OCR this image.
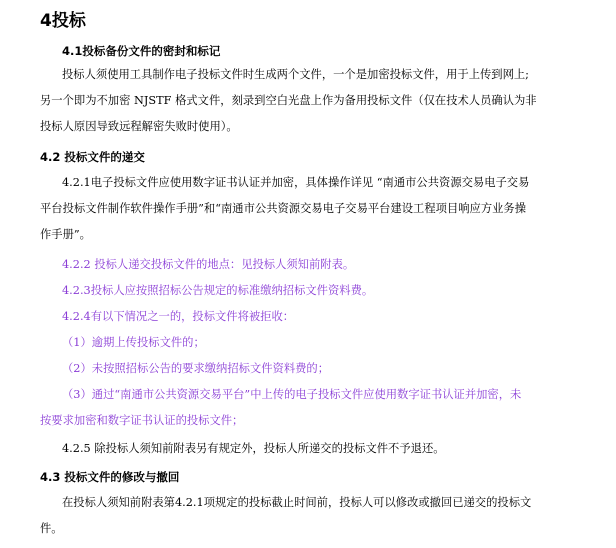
4投标
4.1投标备份文件的密封和标记
投标人须使用工具制作电子投标文件时生成两个文件，一个是加密投标文件，用于上传到网上;
另一个即为不加密 NJSTF 格式文件，刻录到空白光盘上作为备用投标文件（仅在技术人员确认为非
投标人原因导致远程解密失败时使用）。
4.2 投标文件的递交
4.2.1电子投标文件应使用数字证书认证并加密，具体操作详见 “南通市公共资源交易电子交易
平台投标文件制作软件操作手册”和“南通市公共资源交易电子交易平台建设工程项目响应方业务操
作手册”。
4.2.2 投标人递交投标文件的地点：见投标人须知前附表。
4.2.3投标人应按照招标公告规定的标准缴纳招标文件资料费。
4.2.4有以下情况之一的，投标文件将被拒收：
（1）逾期上传投标文件的；
（2）未按照招标公告的要求缴纳招标文件资料费的；
（3）通过“南通市公共资源交易平台”中上传的电子投标文件应使用数字证书认证并加密，未
按要求加密和数字证书认证的投标文件；
4.2.5 除投标人须知前附表另有规定外，投标人所递交的投标文件不予退还。
4.3 投标文件的修改与撤回
在投标人须知前附表第4.2.1项规定的投标截止时间前，投标人可以修改或撤回已递交的投标文
件。
